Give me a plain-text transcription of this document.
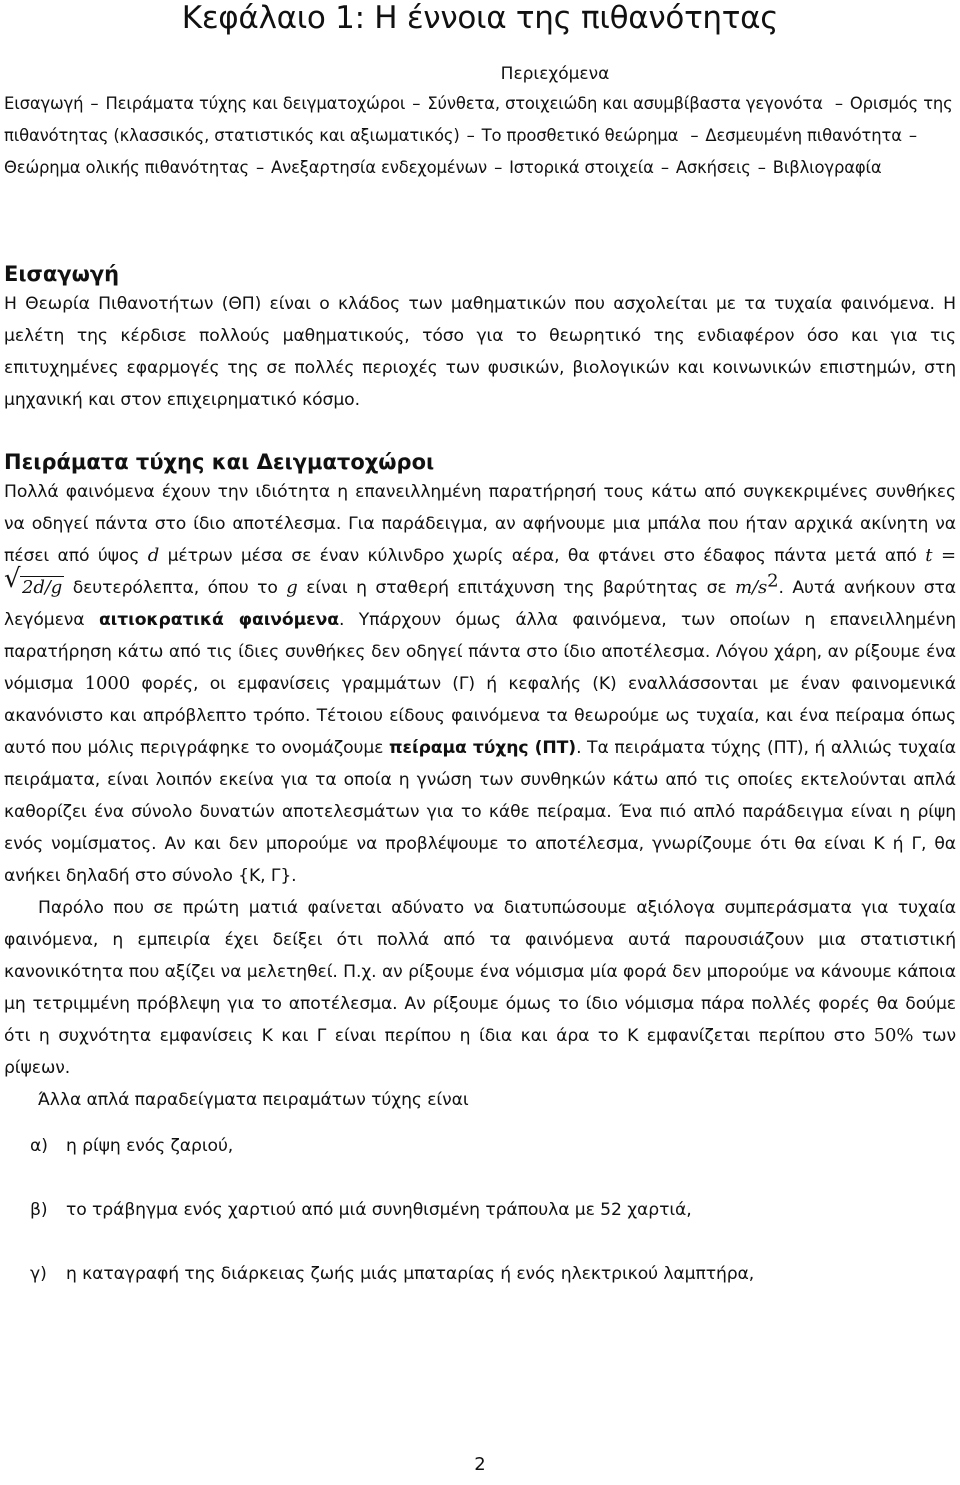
Κεφάλαιο 1: Η έννοια της πιθανότητας
Περιεχόμενα

Εισαγωγή – Πειράματα τύχης και δειγματοχώροι – Σύνθετα, στοιχειώδη και ασυμβίβαστα γεγονότα – Ορισμός της πιθανότητας (κλασσικός, στατιστικός και αξιωματικός) – Το προσθετικό θεώρημα – Δεσμευμένη πιθανότητα –Θεώρημα ολικής πιθανότητας – Ανεξαρτησία ενδεχομένων – Ιστορικά στοιχεία – Ασκήσεις – Βιβλιογραφία

Εισαγωγή

Η Θεωρία Πιθανοτήτων (ΘΠ) είναι ο κλάδος των μαθηματικών που ασχολείται με τα τυχαία φαινόμενα. Η μελέτη της κέρδισε πολλούς μαθηματικούς, τόσο για το θεωρητικό της ενδιαφέρον όσο και για τις επιτυχημένες εφαρμογές της σε πολλές περιοχές των φυσικών, βιολογικών και κοινωνικών επιστημών, στη μηχανική και στον επιχειρηματικό κόσμο.

Πειράματα τύχης και Δειγματοχώροι

Πολλά φαινόμενα έχουν την ιδιότητα η επανειλλημένη παρατήρησή τους κάτω από συγκεκριμένες συνθήκες να οδηγεί πάντα στο ίδιο αποτέλεσμα. Για παράδειγμα, αν αφήνουμε μια μπάλα που ήταν αρχικά ακίνητη να πέσει από ύψος d μέτρων μέσα σε έναν κύλινδρο χωρίς αέρα, θα φτάνει στο έδαφος πάντα μετά από t =
√ 2d/g δευτερόλεπτα, όπου το g είναι η σταθερή επιτάχυνση της βαρύτητας σε $m/s^2$. Αυτά ανήκουν στα λεγόμενα αιτιοκρατικά φαινόμενα. Υπάρχουν όμως άλλα φαινόμενα, των οποίων η επανειλλημένη παρατήρηση κάτω από τις ίδιες συνθήκες δεν οδηγεί πάντα στο ίδιο αποτέλεσμα. Λόγου χάρη, αν ρίξουμε ένα νόμισμα 1000 φορές, οι εμφανίσεις γραμμάτων (Γ) ή κεφαλής (Κ) εναλλάσσονται με έναν φαινομενικά ακανόνιστο και απρόβλεπτο τρόπο. Τέτοιου είδους φαινόμενα τα θεωρούμε ως τυχαία, και ένα πείραμα όπως αυτό που μόλις περιγράφηκε το ονομάζουμε πείραμα τύχης (ΠΤ). Τα πειράματα τύχης (ΠΤ), ή αλλιώς τυχαία πειράματα, είναι λοιπόν εκείνα για τα οποία η γνώση των συνθηκών κάτω από τις οποίες εκτελούνται απλά καθορίζει ένα σύνολο δυνατών αποτελεσμάτων για το κάθε πείραμα. Ένα πιό απλό παράδειγμα είναι η ρίψη ενός νομίσματος. Αν και δεν μπορούμε να προβλέψουμε το αποτέλεσμα, γνωρίζουμε ότι θα είναι Κ ή Γ, θα ανήκει δηλαδή στο σύνολο {Κ, Γ}.

Παρόλο που σε πρώτη ματιά φαίνεται αδύνατο να διατυπώσουμε αξιόλογα συμπεράσματα για τυχαία φαινόμενα, η εμπειρία έχει δείξει ότι πολλά από τα φαινόμενα αυτά παρουσιάζουν μια στατιστική κανονικότητα που αξίζει να μελετηθεί. Π.χ. αν ρίξουμε ένα νόμισμα μία φορά δεν μπορούμε να κάνουμε κάποια μη τετριμμένη πρόβλεψη για το αποτέλεσμα. Αν ρίξουμε όμως το ίδιο νόμισμα πάρα πολλές φορές θα δούμε ότι η συχνότητα εμφανίσεις Κ και Γ είναι περίπου η ίδια και άρα το Κ εμφανίζεται περίπου στο 50% των ρίψεων.

Άλλα απλά παραδείγματα πειραμάτων τύχης είναι

α) η ρίψη ενός ζαριού,
β) το τράβηγμα ενός χαρτιού από μιά συνηθισμένη τράπουλα με 52 χαρτιά,
γ) η καταγραφή της διάρκειας ζωής μιάς μπαταρίας ή ενός ηλεκτρικού λαμπτήρα,
2
